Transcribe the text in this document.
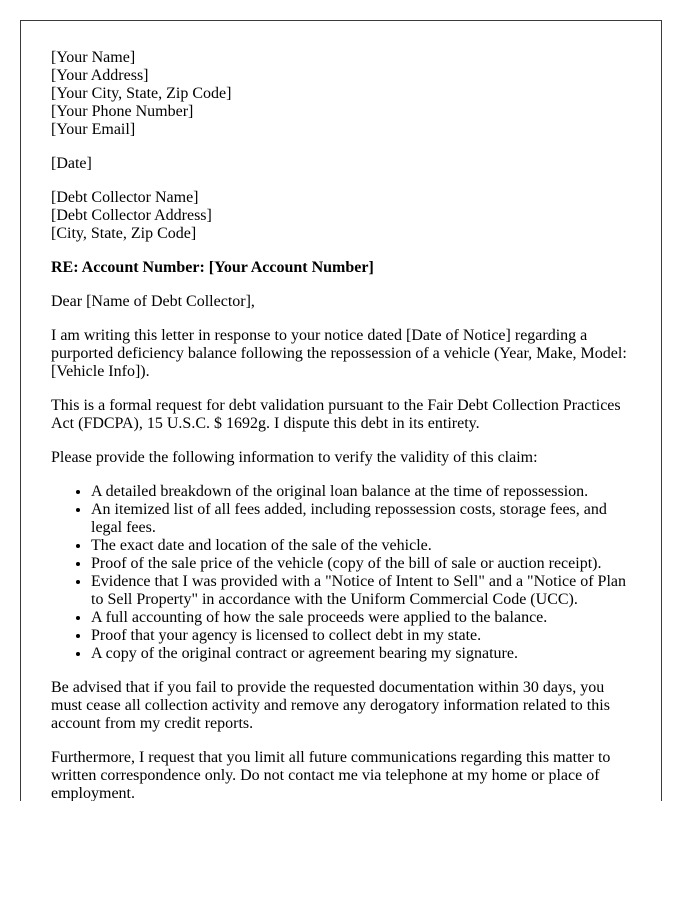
[Your Name]
[Your Address]
[Your City, State, Zip Code]
[Your Phone Number]
[Your Email]

[Date]

[Debt Collector Name]
[Debt Collector Address]
[City, State, Zip Code]

RE: Account Number: [Your Account Number]

Dear [Name of Debt Collector],

I am writing this letter in response to your notice dated [Date of Notice] regarding a purported deficiency balance following the repossession of a vehicle (Year, Make, Model: [Vehicle Info]).

This is a formal request for debt validation pursuant to the Fair Debt Collection Practices Act (FDCPA), 15 U.S.C. $ 1692g. I dispute this debt in its entirety.

Please provide the following information to verify the validity of this claim:

• A detailed breakdown of the original loan balance at the time of repossession.
• An itemized list of all fees added, including repossession costs, storage fees, and legal fees.
• The exact date and location of the sale of the vehicle.
• Proof of the sale price of the vehicle (copy of the bill of sale or auction receipt).
• Evidence that I was provided with a "Notice of Intent to Sell" and a "Notice of Plan to Sell Property" in accordance with the Uniform Commercial Code (UCC).
• A full accounting of how the sale proceeds were applied to the balance.
• Proof that your agency is licensed to collect debt in my state.
• A copy of the original contract or agreement bearing my signature.

Be advised that if you fail to provide the requested documentation within 30 days, you must cease all collection activity and remove any derogatory information related to this account from my credit reports.

Furthermore, I request that you limit all future communications regarding this matter to written correspondence only. Do not contact me via telephone at my home or place of employment.
